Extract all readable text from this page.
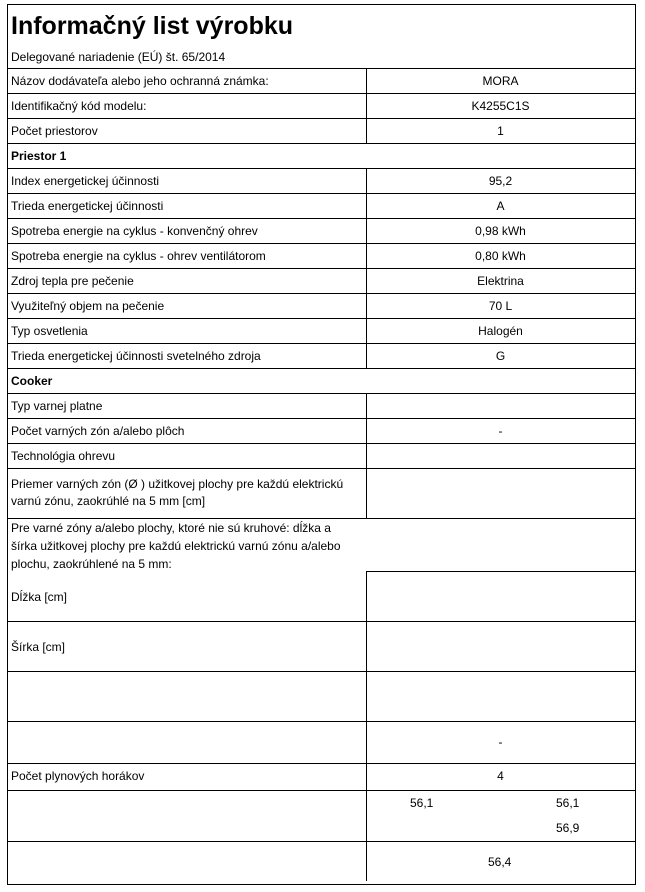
Informačný list výrobku
Delegované nariadenie (EÚ) št. 65/2014
Názov dodávateľa alebo jeho ochranná známka:
Identifikačný kód modelu:
Počet priestorov
Priestor 1
Index energetickej účinnosti
Trieda energetickej účinnosti
Spotreba energie na cyklus - konvenčný ohrev
Spotreba energie na cyklus - ohrev ventilátorom
Zdroj tepla pre pečenie
Využiteľný objem na pečenie
Typ osvetlenia
Trieda energetickej účinnosti svetelného zdroja
Cooker
Typ varnej platne
Počet varných zón a/alebo plôch
Technológia ohrevu
Priemer varných zón (Ø ) užitkovej plochy pre každú elektrickú
varnú zónu, zaokrúhlé na 5 mm [cm]
Pre varné zóny a/alebo plochy, ktoré nie sú kruhové: dĺžka a
šírka užitkovej plochy pre každú elektrickú varnú zónu a/alebo
plochu, zaokrúhlené na 5 mm:
Dĺžka [cm]
Šírka [cm]
Počet plynových horákov
MORA
K4255C1S
1
95,2
A
0,98 kWh
0,80 kWh
Elektrina
70 L
Halogén
G
-
-
4
56,1	56,1
56,9
56,4
